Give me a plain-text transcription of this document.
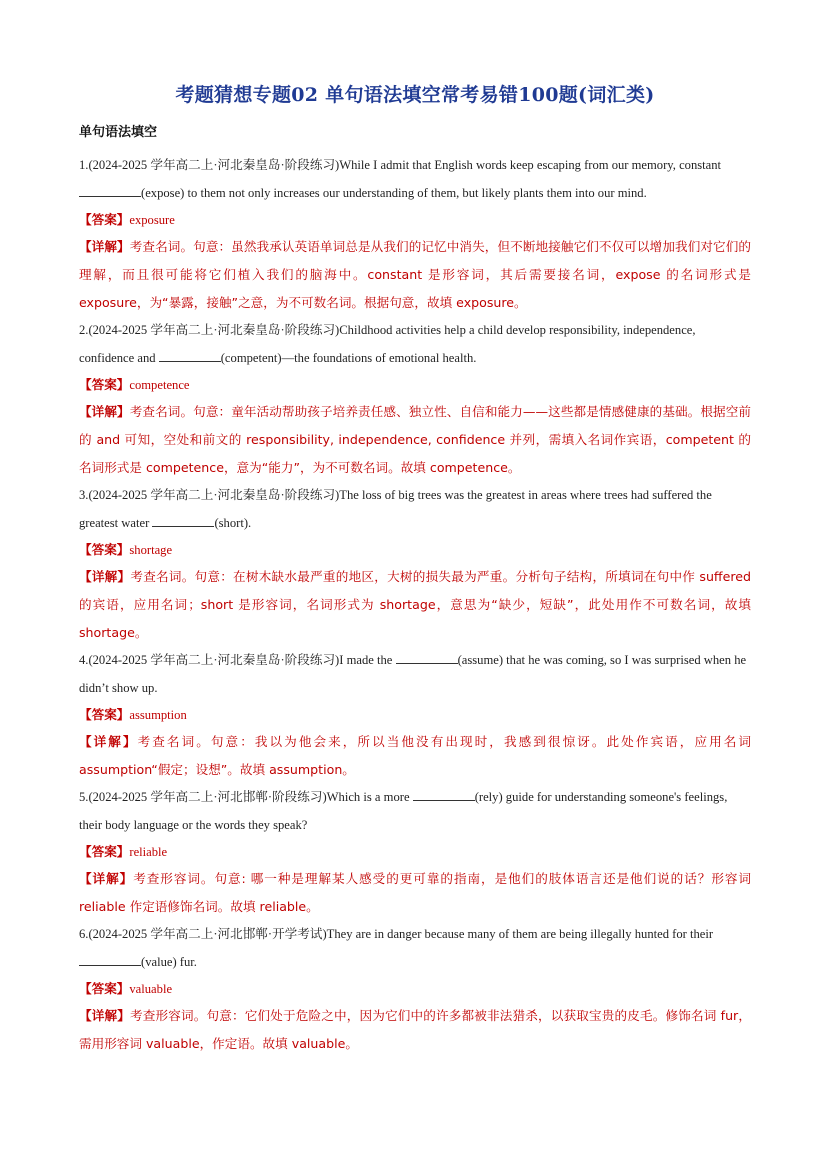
考题猜想专题02 单句语法填空常考易错100题(词汇类)
单句语法填空

1.(2024-2025 学年高二上·河北秦皇岛·阶段练习)While I admit that English words keep escaping from our memory, constant (expose) to them not only increases our understanding of them, but likely plants them into our mind.

【答案】exposure

【详解】考查名词。句意：虽然我承认英语单词总是从我们的记忆中消失，但不断地接触它们不仅可以增加我们对它们的理解，而且很可能将它们植入我们的脑海中。constant 是形容词，其后需要接名词，expose 的名词形式是 exposure，为“暴露，接触”之意，为不可数名词。根据句意，故填 exposure。

2.(2024-2025 学年高二上·河北秦皇岛·阶段练习)Childhood activities help a child develop responsibility, independence, confidence and	(competent)—the foundations of emotional health.

【答案】competence

【详解】考查名词。句意：童年活动帮助孩子培养责任感、独立性、自信和能力——这些都是情感健康的基础。根据空前的 and 可知，空处和前文的 responsibility, independence, confidence 并列，需填入名词作宾语，competent 的名词形式是 competence，意为“能力”，为不可数名词。故填 competence。

3.(2024-2025 学年高二上·河北秦皇岛·阶段练习)The loss of big trees was the greatest in areas where trees had suffered the greatest water	(short).

【答案】shortage

【详解】考查名词。句意：在树木缺水最严重的地区，大树的损失最为严重。分析句子结构，所填词在句中作 suffered 的宾语，应用名词；short 是形容词，名词形式为 shortage，意思为“缺少，短缺”，此处用作不可数名词，故填 shortage。

4.(2024-2025 学年高二上·河北秦皇岛·阶段练习)I made the	(assume) that he was coming, so I was surprised when he didn’t show up.

【答案】assumption

【详解】考查名词。句意：我以为他会来，所以当他没有出现时，我感到很惊讶。此处作宾语，应用名词 assumption“假定；设想”。故填 assumption。

5.(2024-2025 学年高二上·河北邯郸·阶段练习)Which is a more	(rely) guide for understanding someone's feelings, their body language or the words they speak?

【答案】reliable

【详解】考查形容词。句意: 哪一种是理解某人感受的更可靠的指南，是他们的肢体语言还是他们说的话？形容词 reliable 作定语修饰名词。故填 reliable。

6.(2024-2025 学年高二上·河北邯郸·开学考试)They are in danger because many of them are being illegally hunted for their (value) fur.

【答案】valuable

【详解】考查形容词。句意：它们处于危险之中，因为它们中的许多都被非法猎杀，以获取宝贵的皮毛。修饰名词 fur，需用形容词 valuable，作定语。故填 valuable。
